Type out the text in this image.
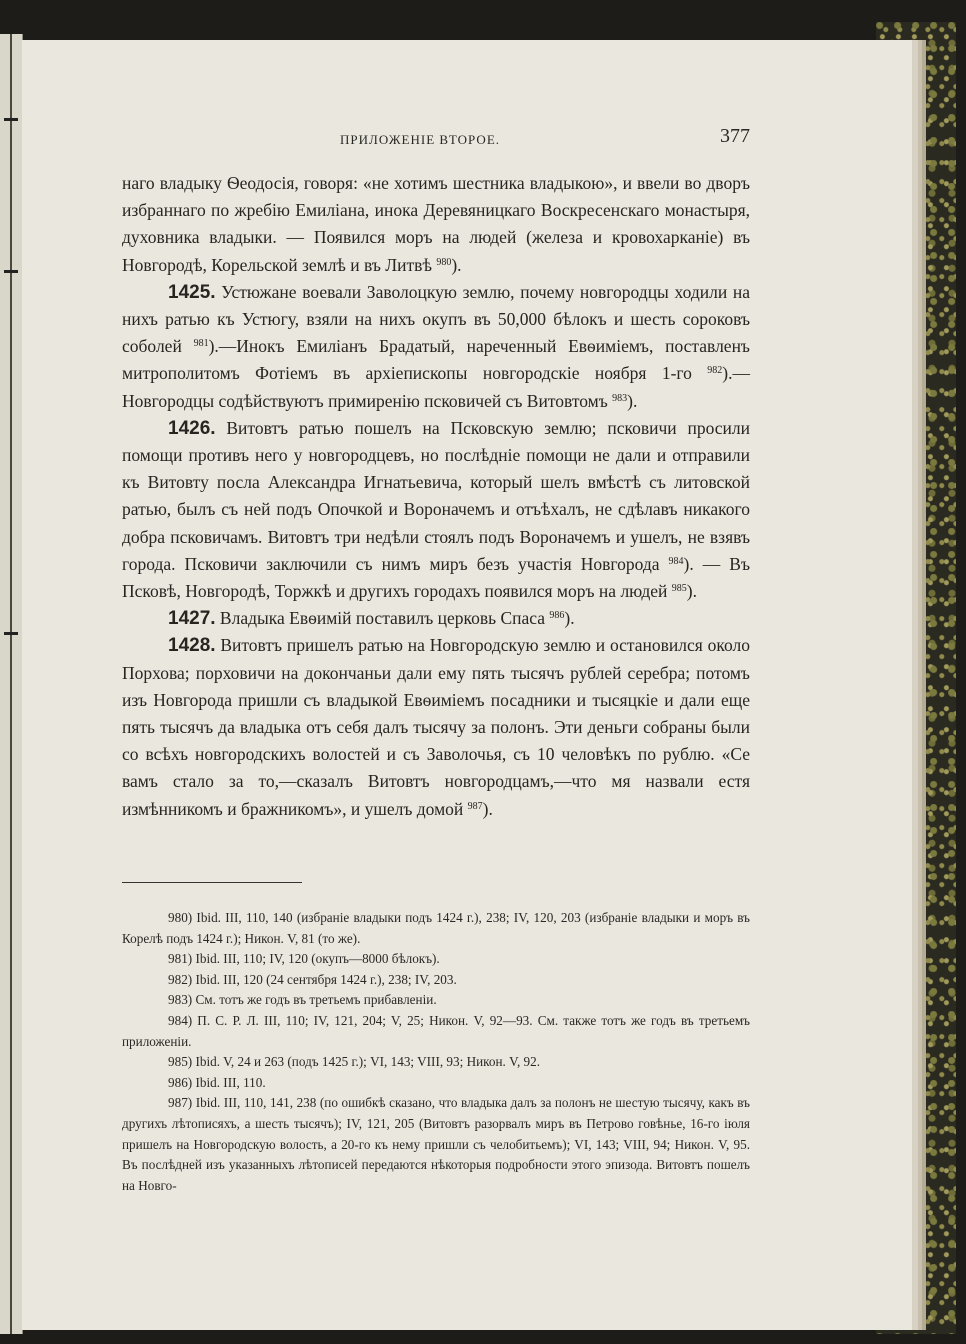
ПРИЛОЖЕНІЕ ВТОРОЕ.	377

наго владыку Ѳеодосія, говоря: «не хотимъ шестника владыкою», и ввели во дворъ избраннаго по жребію Емиліана, инока Деревяницкаго Воскресенскаго монастыря, духовника владыки. — Появился моръ на людей (железа и кровохарканіе) въ Новгородѣ, Корельской землѣ и въ Литвѣ $^{980}$).

1425. Устюжане воевали Заволоцкую землю, почему новгородцы ходили на нихъ ратью къ Устюгу, взяли на нихъ окупъ въ 50,000 бѣлокъ и шесть сороковъ соболей $^{981}$).—Инокъ Емиліанъ Брадатый, нареченный Евѳиміемъ, поставленъ митрополитомъ Фотіемъ въ архіепископы новгородскіе ноября 1-го $^{982}$).—Новгородцы содѣйствуютъ примиренію псковичей съ Витовтомъ $^{983}$).

1426. Витовтъ ратью пошелъ на Псковскую землю; псковичи просили помощи противъ него у новгородцевъ, но послѣдніе помощи не дали и отправили къ Витовту посла Александра Игнатьевича, который шелъ вмѣстѣ съ литовской ратью, былъ съ ней подъ Опочкой и Вороначемъ и отъѣхалъ, не сдѣлавъ никакого добра псковичамъ. Витовтъ три недѣли стоялъ подъ Вороначемъ и ушелъ, не взявъ города. Псковичи заключили съ нимъ миръ безъ участія Новгорода $^{984}$). — Въ Псковѣ, Новгородѣ, Торжкѣ и другихъ городахъ появился моръ на людей $^{985}$).

1427. Владыка Евѳимій поставилъ церковь Спаса $^{986}$).

1428. Витовтъ пришелъ ратью на Новгородскую землю и остановился около Порхова; порховичи на докончаньи дали ему пять тысячъ рублей серебра; потомъ изъ Новгорода пришли съ владыкой Евѳиміемъ посадники и тысяцкіе и дали еще пять тысячъ да владыка отъ себя далъ тысячу за полонъ. Эти деньги собраны были со всѣхъ новгородскихъ волостей и съ Заволочья, съ 10 человѣкъ по рублю. «Се вамъ стало за то,—сказалъ Витовтъ новгородцамъ,—что мя назвали естя измѣнникомъ и бражникомъ», и ушелъ домой $^{987}$).

980) Ibid. III, 110, 140 (избраніе владыки подъ 1424 г.), 238; IV, 120, 203 (избраніе владыки и моръ въ Корелѣ подъ 1424 г.); Никон. V, 81 (то же).

981) Ibid. III, 110; IV, 120 (окупъ—8000 бѣлокъ).

982) Ibid. III, 120 (24 сентября 1424 г.), 238; IV, 203.

983) См. тотъ же годъ въ третьемъ прибавленіи.

984) П. С. Р. Л. III, 110; IV, 121, 204; V, 25; Никон. V, 92—93. См. также тотъ же годъ въ третьемъ приложеніи.

985) Ibid. V, 24 и 263 (подъ 1425 г.); VI, 143; VIII, 93; Никон. V, 92.

986) Ibid. III, 110.

987) Ibid. III, 110, 141, 238 (по ошибкѣ сказано, что владыка далъ за полонъ не шестую тысячу, какъ въ другихъ лѣтописяхъ, а шесть тысячъ); IV, 121, 205 (Витовтъ разорвалъ миръ въ Петрово говѣнье, 16-го іюля пришелъ на Новгородскую волость, а 20-го къ нему пришли съ челобитьемъ); VI, 143; VIII, 94; Никон. V, 95. Въ послѣдней изъ указанныхъ лѣтописей передаются нѣкоторыя подробности этого эпизода. Витовтъ пошелъ на Новго-
